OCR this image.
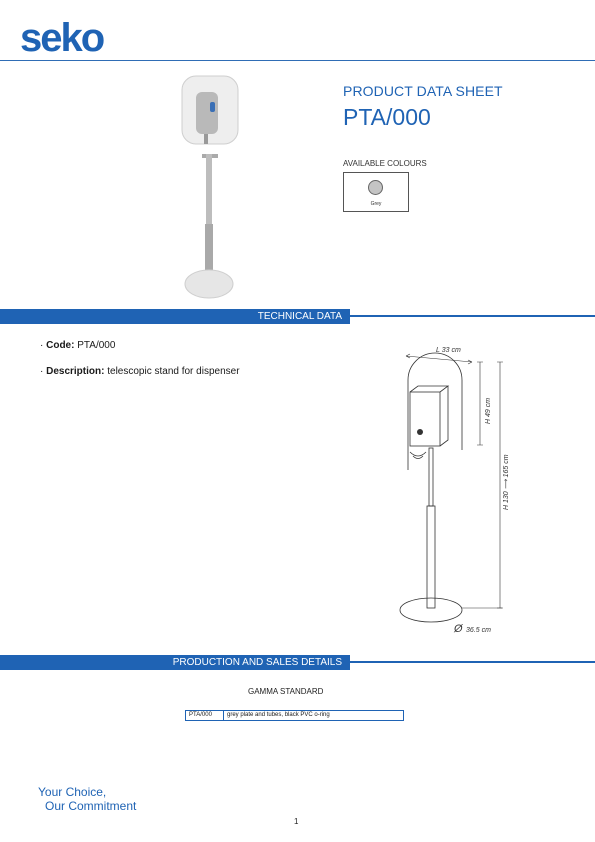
seko
PRODUCT DATA SHEET
PTA/000
AVAILABLE COLOURS
Grey
TECHNICAL DATA
· Code: PTA/000
· Description: telescopic stand for dispenser
L 33 cm
H 49 cm
H 130 ⟶ 165 cm
Ø 36.5 cm
PRODUCTION AND SALES DETAILS
GAMMA STANDARD
PTA/000	grey plate and tubes, black PVC o-ring
Your Choice,
Our Commitment
1
